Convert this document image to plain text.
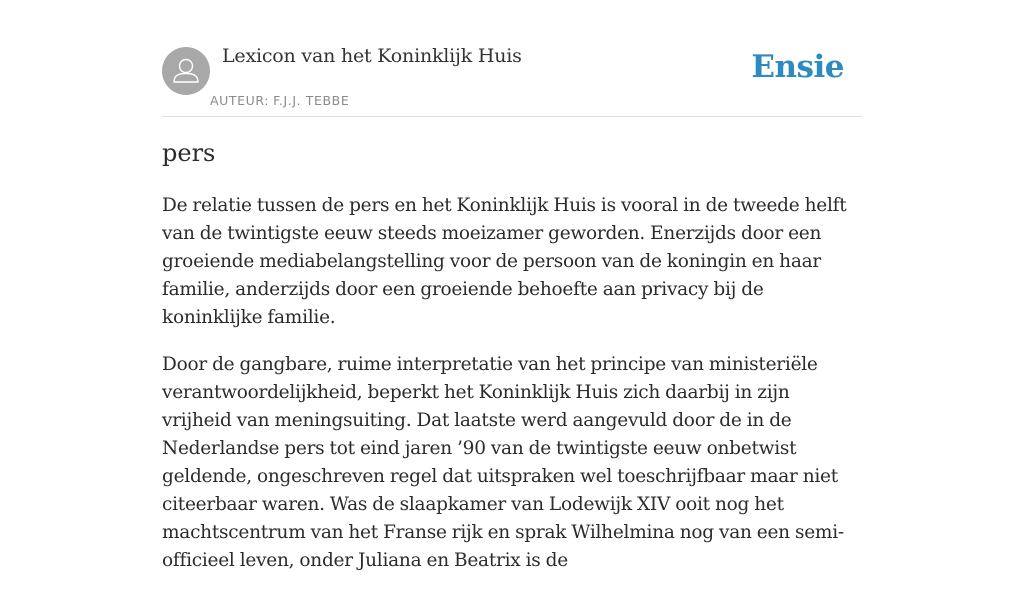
Lexicon van het Koninklijk Huis
AUTEUR: F.J.J. TEBBE
Ensie
pers

De relatie tussen de pers en het Koninklijk Huis is vooral in de tweede helft van de twintigste eeuw steeds moeizamer geworden. Enerzijds door een groeiende mediabelangstelling voor de persoon van de koningin en haar familie, anderzijds door een groeiende behoefte aan privacy bij de koninklijke familie.

Door de gangbare, ruime interpretatie van het principe van ministeriële verantwoordelijkheid, beperkt het Koninklijk Huis zich daarbij in zijn vrijheid van meningsuiting. Dat laatste werd aangevuld door de in de Nederlandse pers tot eind jaren ’90 van de twintigste eeuw onbetwist geldende, ongeschreven regel dat uitspraken wel toeschrijfbaar maar niet citeerbaar waren. Was de slaapkamer van Lodewijk XIV ooit nog het machtscentrum van het Franse rijk en sprak Wilhelmina nog van een semi-officieel leven, onder Juliana en Beatrix is de
